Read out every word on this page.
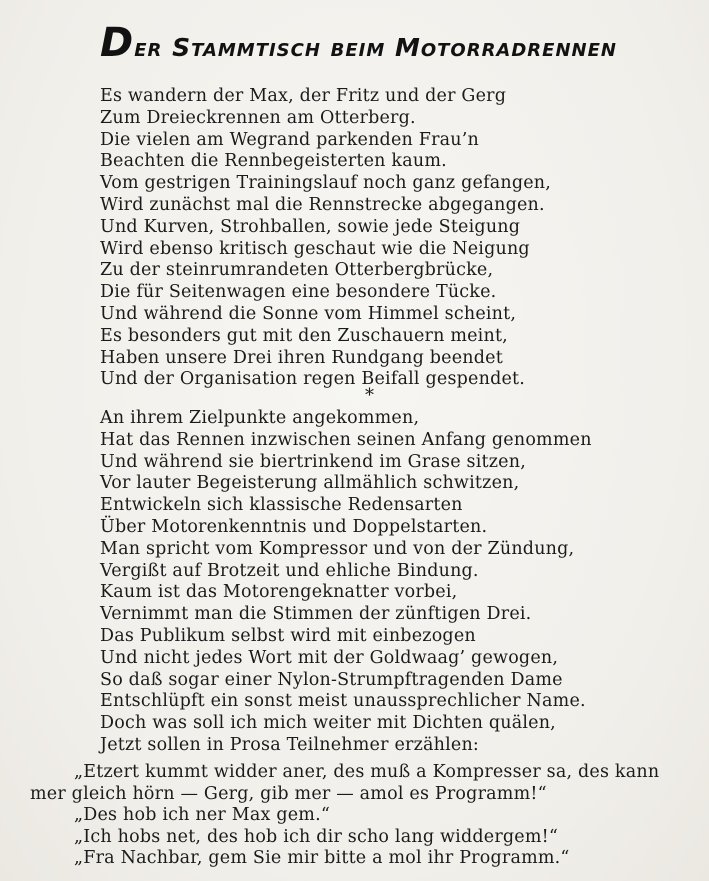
Der Stammtisch beim Motorradrennen
Es wandern der Max, der Fritz und der Gerg
Zum Dreieckrennen am Otterberg.
Die vielen am Wegrand parkenden Frau’n
Beachten die Rennbegeisterten kaum.
Vom gestrigen Trainingslauf noch ganz gefangen,
Wird zunächst mal die Rennstrecke abgegangen.
Und Kurven, Strohballen, sowie jede Steigung
Wird ebenso kritisch geschaut wie die Neigung
Zu der steinrumrandeten Otterbergbrücke,
Die für Seitenwagen eine besondere Tücke.
Und während die Sonne vom Himmel scheint,
Es besonders gut mit den Zuschauern meint,
Haben unsere Drei ihren Rundgang beendet
Und der Organisation regen Beifall gespendet.
*
An ihrem Zielpunkte angekommen,
Hat das Rennen inzwischen seinen Anfang genommen
Und während sie biertrinkend im Grase sitzen,
Vor lauter Begeisterung allmählich schwitzen,
Entwickeln sich klassische Redensarten
Über Motorenkenntnis und Doppelstarten.
Man spricht vom Kompressor und von der Zündung,
Vergißt auf Brotzeit und ehliche Bindung.
Kaum ist das Motorengeknatter vorbei,
Vernimmt man die Stimmen der zünftigen Drei.
Das Publikum selbst wird mit einbezogen
Und nicht jedes Wort mit der Goldwaag’ gewogen,
So daß sogar einer Nylon-Strumpftragenden Dame
Entschlüpft ein sonst meist unaussprechlicher Name.
Doch was soll ich mich weiter mit Dichten quälen,
Jetzt sollen in Prosa Teilnehmer erzählen:
„Etzert kummt widder aner, des muß a Kompresser sa, des kann
mer gleich hörn — Gerg, gib mer — amol es Programm!“
„Des hob ich ner Max gem.“
„Ich hobs net, des hob ich dir scho lang widdergem!“
„Fra Nachbar, gem Sie mir bitte a mol ihr Programm.“
